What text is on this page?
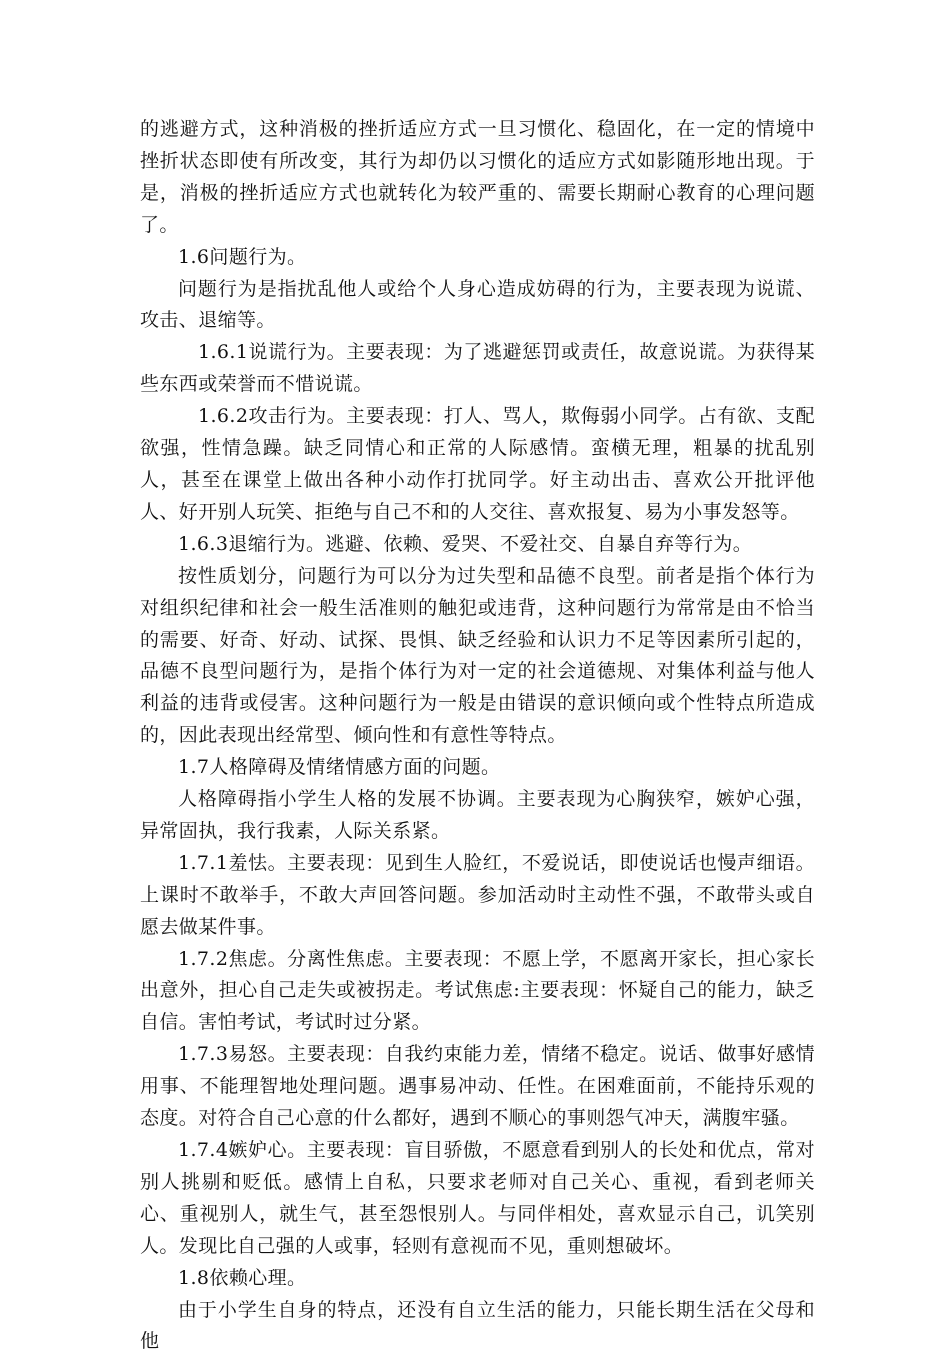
的逃避方式，这种消极的挫折适应方式一旦习惯化、稳固化，在一定的情境中挫折状态即使有所改变，其行为却仍以习惯化的适应方式如影随形地出现。于是，消极的挫折适应方式也就转化为较严重的、需要长期耐心教育的心理问题了。

1.6问题行为。

问题行为是指扰乱他人或给个人身心造成妨碍的行为，主要表现为说谎、攻击、退缩等。

1.6.1说谎行为。主要表现：为了逃避惩罚或责任，故意说谎。为获得某些东西或荣誉而不惜说谎。

1.6.2攻击行为。主要表现：打人、骂人，欺侮弱小同学。占有欲、支配欲强，性情急躁。缺乏同情心和正常的人际感情。蛮横无理，粗暴的扰乱别人，甚至在课堂上做出各种小动作打扰同学。好主动出击、喜欢公开批评他人、好开别人玩笑、拒绝与自己不和的人交往、喜欢报复、易为小事发怒等。

1.6.3退缩行为。逃避、依赖、爱哭、不爱社交、自暴自弃等行为。

按性质划分，问题行为可以分为过失型和品德不良型。前者是指个体行为对组织纪律和社会一般生活准则的触犯或违背，这种问题行为常常是由不恰当的需要、好奇、好动、试探、畏惧、缺乏经验和认识力不足等因素所引起的，品德不良型问题行为，是指个体行为对一定的社会道德规、对集体利益与他人利益的违背或侵害。这种问题行为一般是由错误的意识倾向或个性特点所造成的，因此表现出经常型、倾向性和有意性等特点。

1.7人格障碍及情绪情感方面的问题。

人格障碍指小学生人格的发展不协调。主要表现为心胸狭窄，嫉妒心强，异常固执，我行我素，人际关系紧。

1.7.1羞怯。主要表现：见到生人脸红，不爱说话，即使说话也慢声细语。上课时不敢举手，不敢大声回答问题。参加活动时主动性不强，不敢带头或自愿去做某件事。

1.7.2焦虑。分离性焦虑。主要表现：不愿上学，不愿离开家长，担心家长出意外，担心自己走失或被拐走。考试焦虑:主要表现：怀疑自己的能力，缺乏自信。害怕考试，考试时过分紧。

1.7.3易怒。主要表现：自我约束能力差，情绪不稳定。说话、做事好感情用事、不能理智地处理问题。遇事易冲动、任性。在困难面前，不能持乐观的态度。对符合自己心意的什么都好，遇到不顺心的事则怨气冲天，满腹牢骚。

1.7.4嫉妒心。主要表现：盲目骄傲，不愿意看到别人的长处和优点，常对别人挑剔和贬低。感情上自私，只要求老师对自己关心、重视，看到老师关心、重视别人，就生气，甚至怨恨别人。与同伴相处，喜欢显示自己，讥笑别人。发现比自己强的人或事，轻则有意视而不见，重则想破坏。

1.8依赖心理。

由于小学生自身的特点，还没有自立生活的能力，只能长期生活在父母和他
